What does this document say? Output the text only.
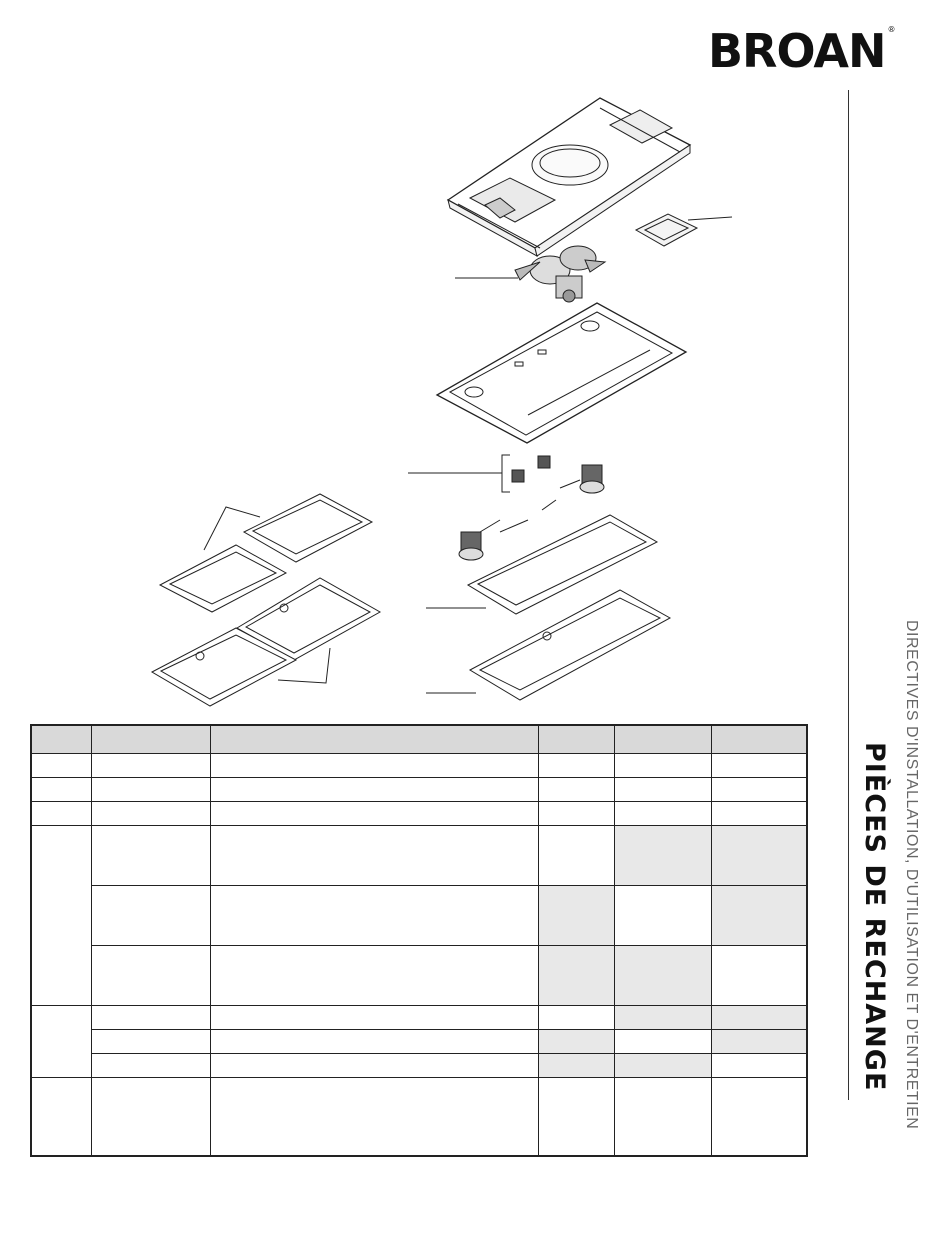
BROAN ®
DIRECTIVES D'INSTALLATION, D'UTILISATION ET D'ENTRETIEN
PIÈCES DE RECHANGE
